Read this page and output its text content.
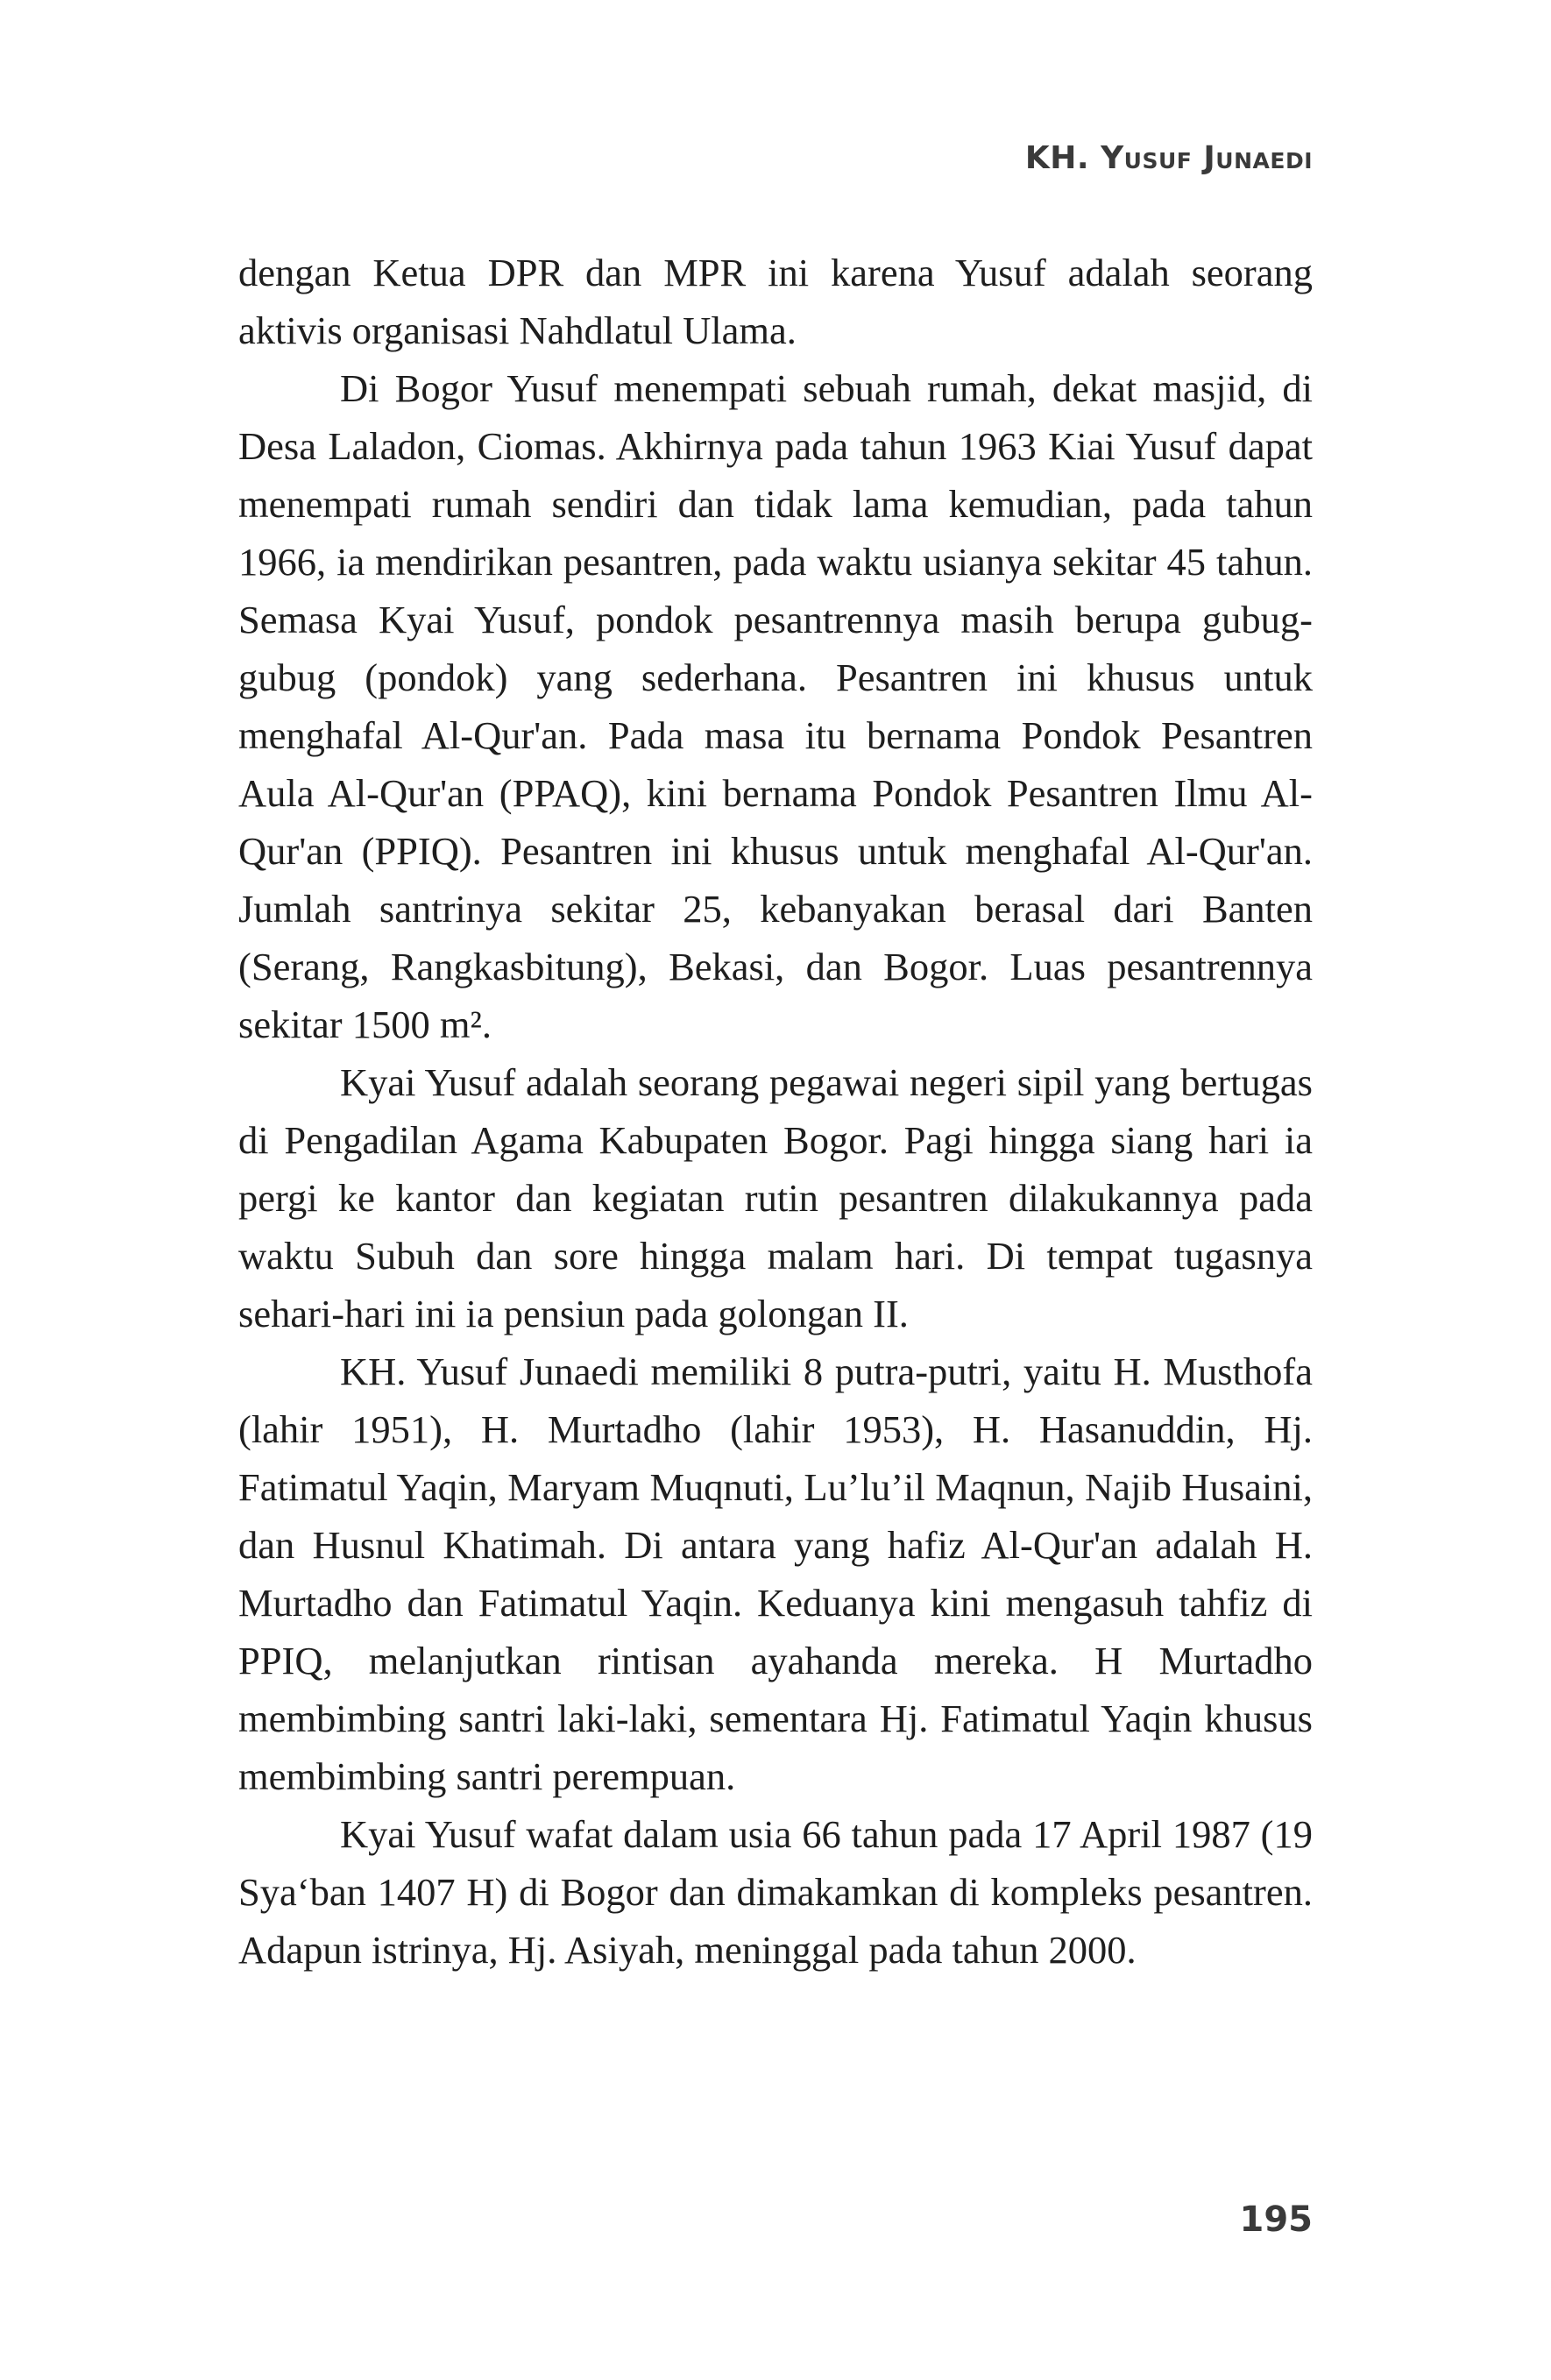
KH. Yusuf Junaedi

dengan Ketua DPR dan MPR ini karena Yusuf adalah seorang aktivis organisasi Nahdlatul Ulama.

Di Bogor Yusuf menempati sebuah rumah, dekat masjid, di Desa Laladon, Ciomas. Akhirnya pada tahun 1963 Kiai Yusuf dapat menempati rumah sendiri dan tidak lama kemudian, pada tahun 1966, ia mendirikan pesantren, pada waktu usianya sekitar 45 tahun. Semasa Kyai Yusuf, pondok pesantrennya masih berupa gubug-gubug (pondok) yang sederhana. Pesantren ini khusus untuk menghafal Al-Qur'an. Pada masa itu bernama Pondok Pesantren Aula Al-Qur'an (PPAQ), kini bernama Pondok Pesantren Ilmu Al-Qur'an (PPIQ). Pesantren ini khusus untuk menghafal Al-Qur'an. Jumlah santrinya sekitar 25, kebanyakan berasal dari Banten (Serang, Rangkasbitung), Bekasi, dan Bogor. Luas pesantrennya sekitar 1500 m².

Kyai Yusuf adalah seorang pegawai negeri sipil yang bertugas di Pengadilan Agama Kabupaten Bogor. Pagi hingga siang hari ia pergi ke kantor dan kegiatan rutin pesantren dilakukannya pada waktu Subuh dan sore hingga malam hari. Di tempat tugasnya sehari-hari ini ia pensiun pada golongan II.

KH. Yusuf Junaedi memiliki 8 putra-putri, yaitu H. Musthofa (lahir 1951), H. Murtadho (lahir 1953), H. Hasanuddin, Hj. Fatimatul Yaqin, Maryam Muqnuti, Lu’lu’il Maqnun, Najib Husaini, dan Husnul Khatimah. Di antara yang hafiz Al-Qur'an adalah H. Murtadho dan Fatimatul Yaqin. Keduanya kini mengasuh tahfiz di PPIQ, melanjutkan rintisan ayahanda mereka. H Murtadho membimbing santri laki-laki, sementara Hj. Fatimatul Yaqin khusus membimbing santri perempuan.

Kyai Yusuf wafat dalam usia 66 tahun pada 17 April 1987 (19 Sya‘ban 1407 H) di Bogor dan dimakamkan di kompleks pesantren. Adapun istrinya, Hj. Asiyah, meninggal pada tahun 2000.

195
